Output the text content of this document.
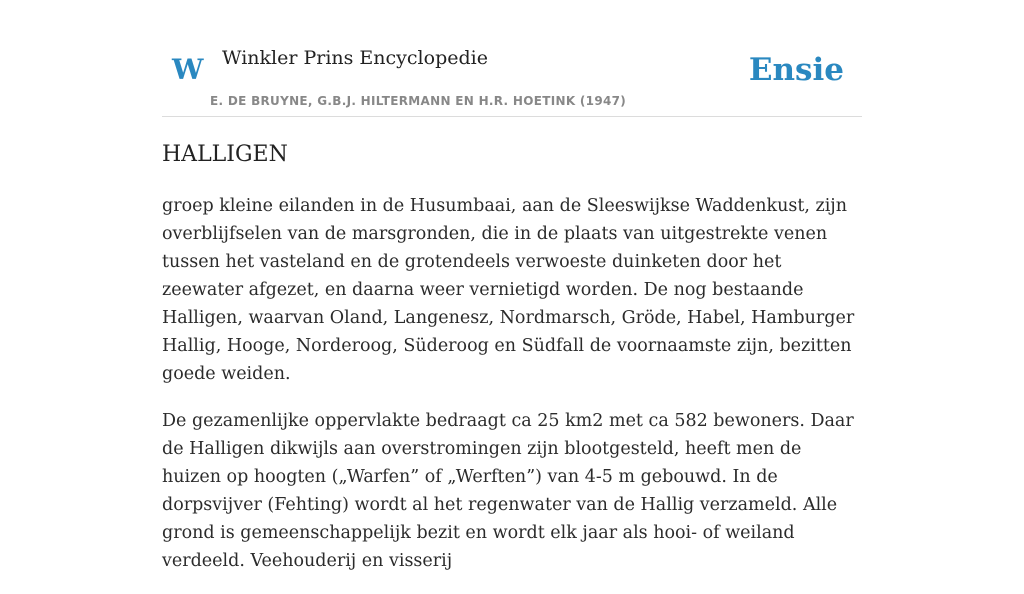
W Winkler Prins Encyclopedie
E. DE BRUYNE, G.B.J. HILTERMANN EN H.R. HOETINK (1947)
Ensie
HALLIGEN

groep kleine eilanden in de Husumbaai, aan de Sleeswijkse Waddenkust, zijn overblijfselen van de marsgronden, die in de plaats van uitgestrekte venen tussen het vasteland en de grotendeels verwoeste duinketen door het zeewater afgezet, en daarna weer vernietigd worden. De nog bestaande Halligen, waarvan Oland, Langenesz, Nordmarsch, Gröde, Habel, Hamburger Hallig, Hooge, Norderoog, Süderoog en Südfall de voornaamste zijn, bezitten goede weiden.

De gezamenlijke oppervlakte bedraagt ca 25 km2 met ca 582 bewoners. Daar de Halligen dikwijls aan overstromingen zijn blootgesteld, heeft men de huizen op hoogten („Warfen” of „Werften”) van 4-5 m gebouwd. In de dorpsvijver (Fehting) wordt al het regenwater van de Hallig verzameld. Alle grond is gemeenschappelijk bezit en wordt elk jaar als hooi- of weiland verdeeld. Veehouderij en visserij
